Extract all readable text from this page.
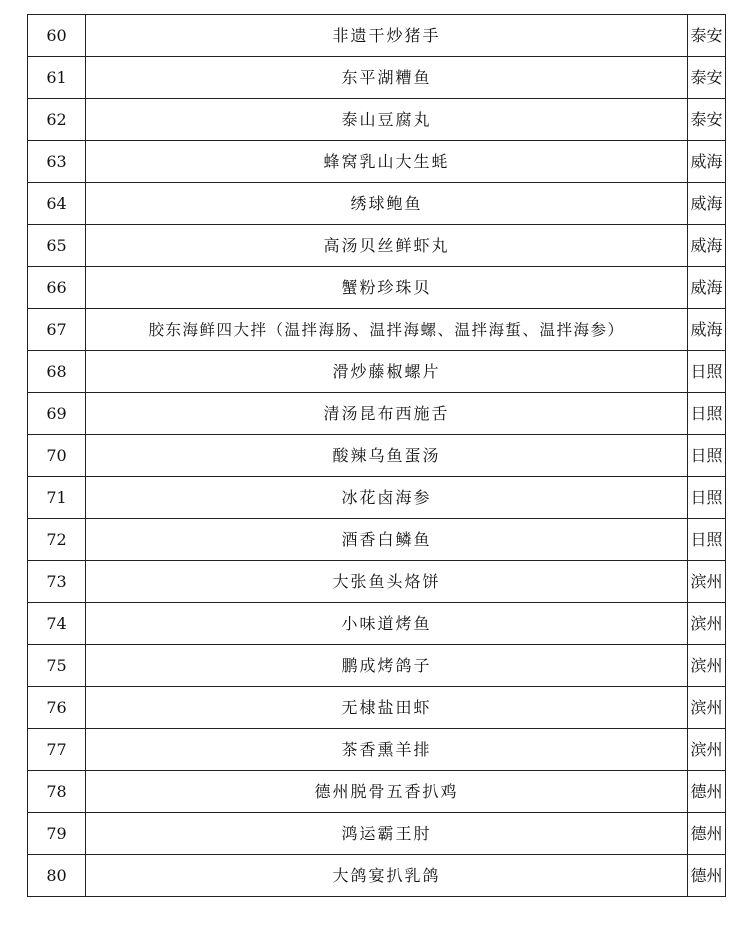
60	非遗干炒猪手	泰安
61	东平湖糟鱼	泰安
62	泰山豆腐丸	泰安
63	蜂窝乳山大生蚝	威海
64	绣球鲍鱼	威海
65	高汤贝丝鲜虾丸	威海
66	蟹粉珍珠贝	威海
67	胶东海鲜四大拌（温拌海肠、温拌海螺、温拌海蜇、温拌海参）	威海
68	滑炒藤椒螺片	日照
69	清汤昆布西施舌	日照
70	酸辣乌鱼蛋汤	日照
71	冰花卤海参	日照
72	酒香白鳞鱼	日照
73	大张鱼头烙饼	滨州
74	小味道烤鱼	滨州
75	鹏成烤鸽子	滨州
76	无棣盐田虾	滨州
77	茶香熏羊排	滨州
78	德州脱骨五香扒鸡	德州
79	鸿运霸王肘	德州
80	大鸽宴扒乳鸽	德州
